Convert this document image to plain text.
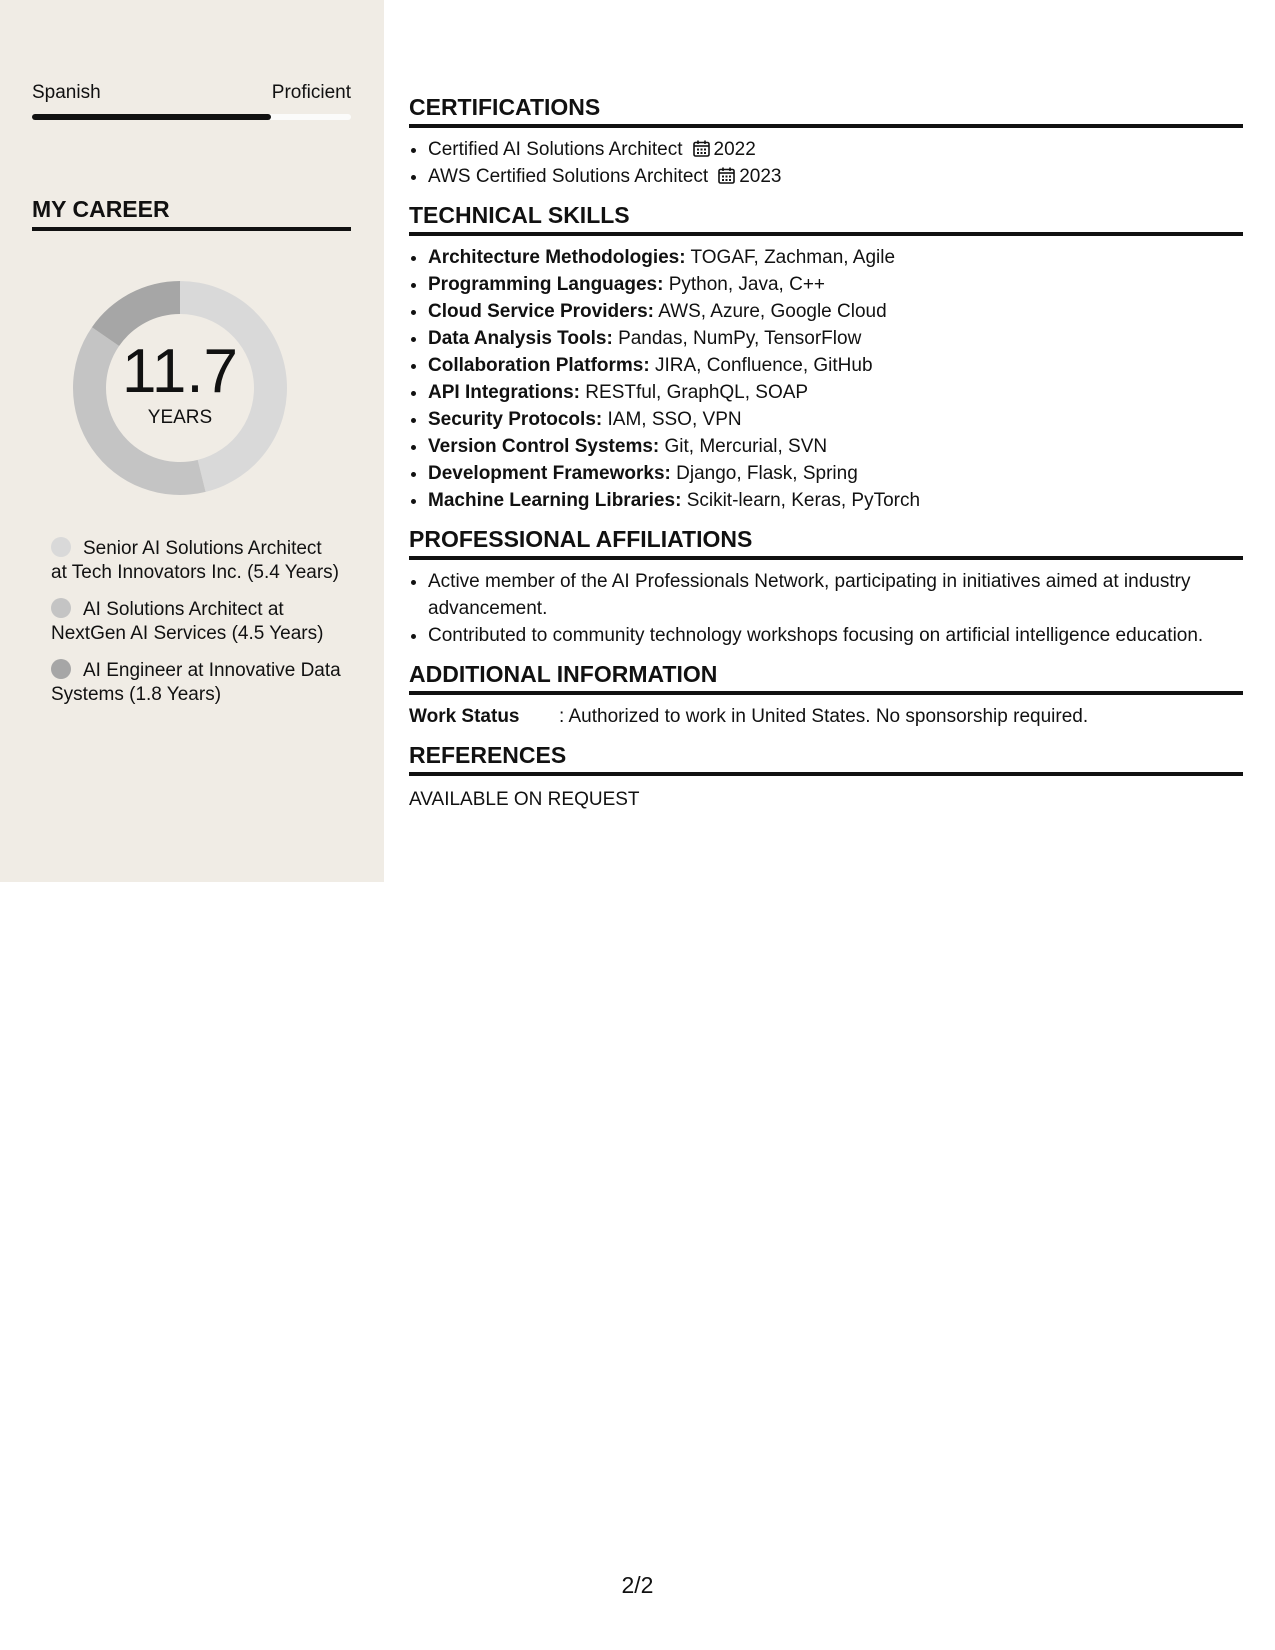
Spanish	Proficient
MY CAREER
11.7
YEARS
Senior AI Solutions Architect at Tech Innovators Inc. (5.4 Years)
AI Solutions Architect at NextGen AI Services (4.5 Years)
AI Engineer at Innovative Data Systems (1.8 Years)
CERTIFICATIONS
• Certified AI Solutions Architect 2022
• AWS Certified Solutions Architect 2023
TECHNICAL SKILLS
• Architecture Methodologies: TOGAF, Zachman, Agile
• Programming Languages: Python, Java, C++
• Cloud Service Providers: AWS, Azure, Google Cloud
• Data Analysis Tools: Pandas, NumPy, TensorFlow
• Collaboration Platforms: JIRA, Confluence, GitHub
• API Integrations: RESTful, GraphQL, SOAP
• Security Protocols: IAM, SSO, VPN
• Version Control Systems: Git, Mercurial, SVN
• Development Frameworks: Django, Flask, Spring
• Machine Learning Libraries: Scikit-learn, Keras, PyTorch
PROFESSIONAL AFFILIATIONS
• Active member of the AI Professionals Network, participating in initiatives aimed at industry advancement.
• Contributed to community technology workshops focusing on artificial intelligence education.
ADDITIONAL INFORMATION
Work Status : Authorized to work in United States. No sponsorship required.
REFERENCES
AVAILABLE ON REQUEST
2/2
